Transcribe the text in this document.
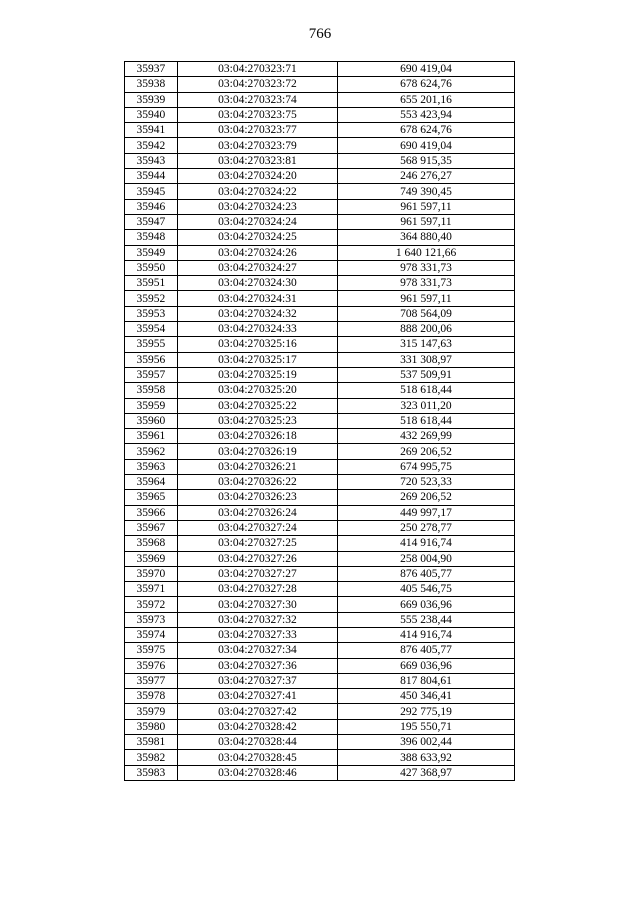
766
35937	03:04:270323:71	690 419,04
35938	03:04:270323:72	678 624,76
35939	03:04:270323:74	655 201,16
35940	03:04:270323:75	553 423,94
35941	03:04:270323:77	678 624,76
35942	03:04:270323:79	690 419,04
35943	03:04:270323:81	568 915,35
35944	03:04:270324:20	246 276,27
35945	03:04:270324:22	749 390,45
35946	03:04:270324:23	961 597,11
35947	03:04:270324:24	961 597,11
35948	03:04:270324:25	364 880,40
35949	03:04:270324:26	1 640 121,66
35950	03:04:270324:27	978 331,73
35951	03:04:270324:30	978 331,73
35952	03:04:270324:31	961 597,11
35953	03:04:270324:32	708 564,09
35954	03:04:270324:33	888 200,06
35955	03:04:270325:16	315 147,63
35956	03:04:270325:17	331 308,97
35957	03:04:270325:19	537 509,91
35958	03:04:270325:20	518 618,44
35959	03:04:270325:22	323 011,20
35960	03:04:270325:23	518 618,44
35961	03:04:270326:18	432 269,99
35962	03:04:270326:19	269 206,52
35963	03:04:270326:21	674 995,75
35964	03:04:270326:22	720 523,33
35965	03:04:270326:23	269 206,52
35966	03:04:270326:24	449 997,17
35967	03:04:270327:24	250 278,77
35968	03:04:270327:25	414 916,74
35969	03:04:270327:26	258 004,90
35970	03:04:270327:27	876 405,77
35971	03:04:270327:28	405 546,75
35972	03:04:270327:30	669 036,96
35973	03:04:270327:32	555 238,44
35974	03:04:270327:33	414 916,74
35975	03:04:270327:34	876 405,77
35976	03:04:270327:36	669 036,96
35977	03:04:270327:37	817 804,61
35978	03:04:270327:41	450 346,41
35979	03:04:270327:42	292 775,19
35980	03:04:270328:42	195 550,71
35981	03:04:270328:44	396 002,44
35982	03:04:270328:45	388 633,92
35983	03:04:270328:46	427 368,97
